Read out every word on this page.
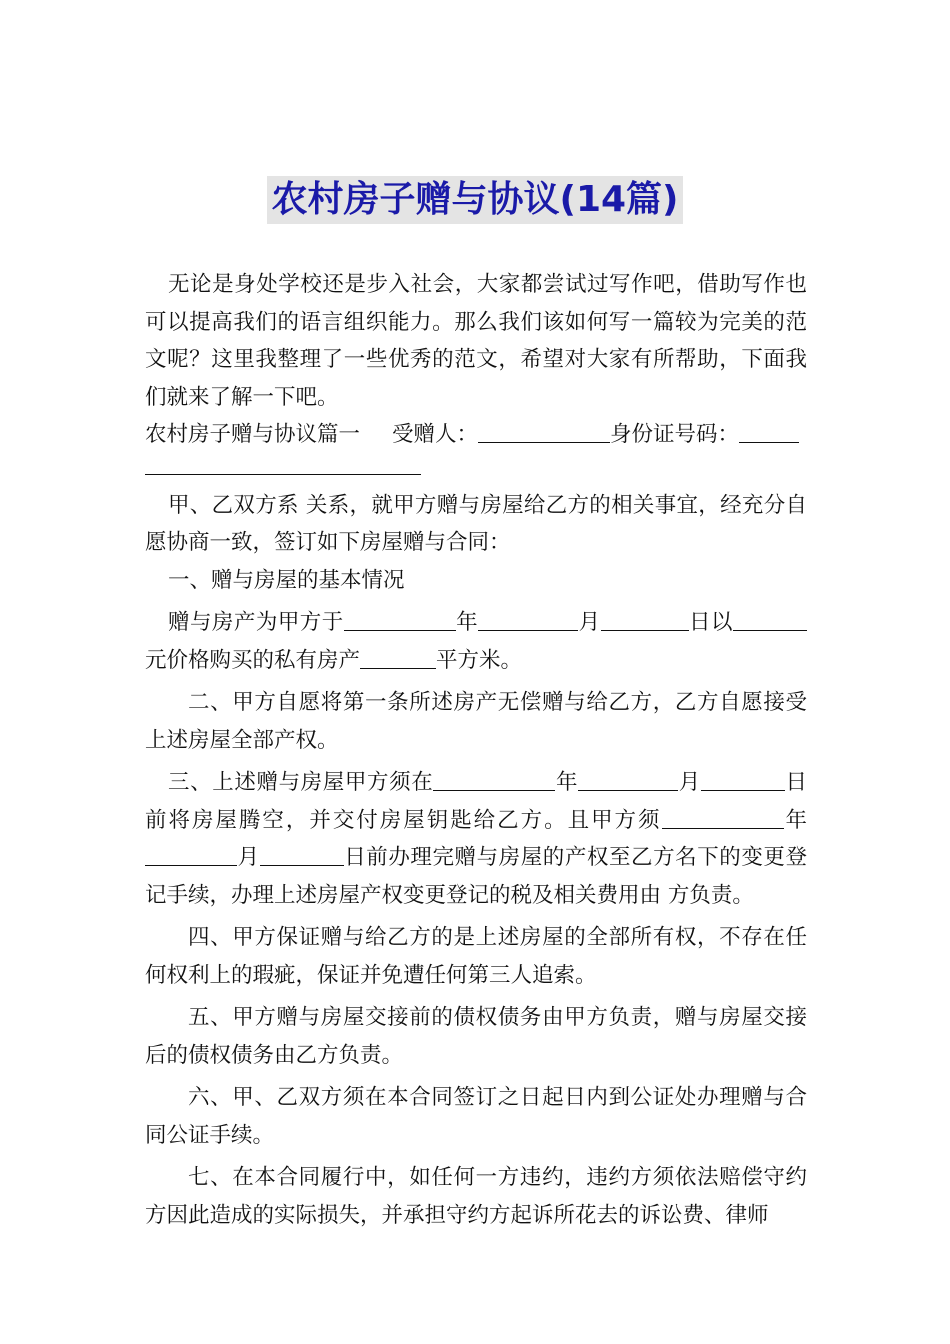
农村房子赠与协议(14篇)

无论是身处学校还是步入社会，大家都尝试过写作吧，借助写作也可以提高我们的语言组织能力。那么我们该如何写一篇较为完美的范文呢？这里我整理了一些优秀的范文，希望对大家有所帮助，下面我们就来了解一下吧。

农村房子赠与协议篇一 受赠人：	身份证号码：

甲、乙双方系 关系，就甲方赠与房屋给乙方的相关事宜，经充分自愿协商一致，签订如下房屋赠与合同：

一、赠与房屋的基本情况

赠与房产为甲方于	年	月	日以元价格购买的私有房产	平方米。

二、甲方自愿将第一条所述房产无偿赠与给乙方，乙方自愿接受上述房屋全部产权。

三、上述赠与房屋甲方须在	年	月	日前将房屋腾空，并交付房屋钥匙给乙方。且甲方须	年月	日前办理完赠与房屋的产权至乙方名下的变更登记手续，办理上述房屋产权变更登记的税及相关费用由 方负责。

四、甲方保证赠与给乙方的是上述房屋的全部所有权，不存在任何权利上的瑕疵，保证并免遭任何第三人追索。

五、甲方赠与房屋交接前的债权债务由甲方负责，赠与房屋交接后的债权债务由乙方负责。

六、甲、乙双方须在本合同签订之日起日内到公证处办理赠与合同公证手续。

七、在本合同履行中，如任何一方违约，违约方须依法赔偿守约方因此造成的实际损失，并承担守约方起诉所花去的诉讼费、律师
